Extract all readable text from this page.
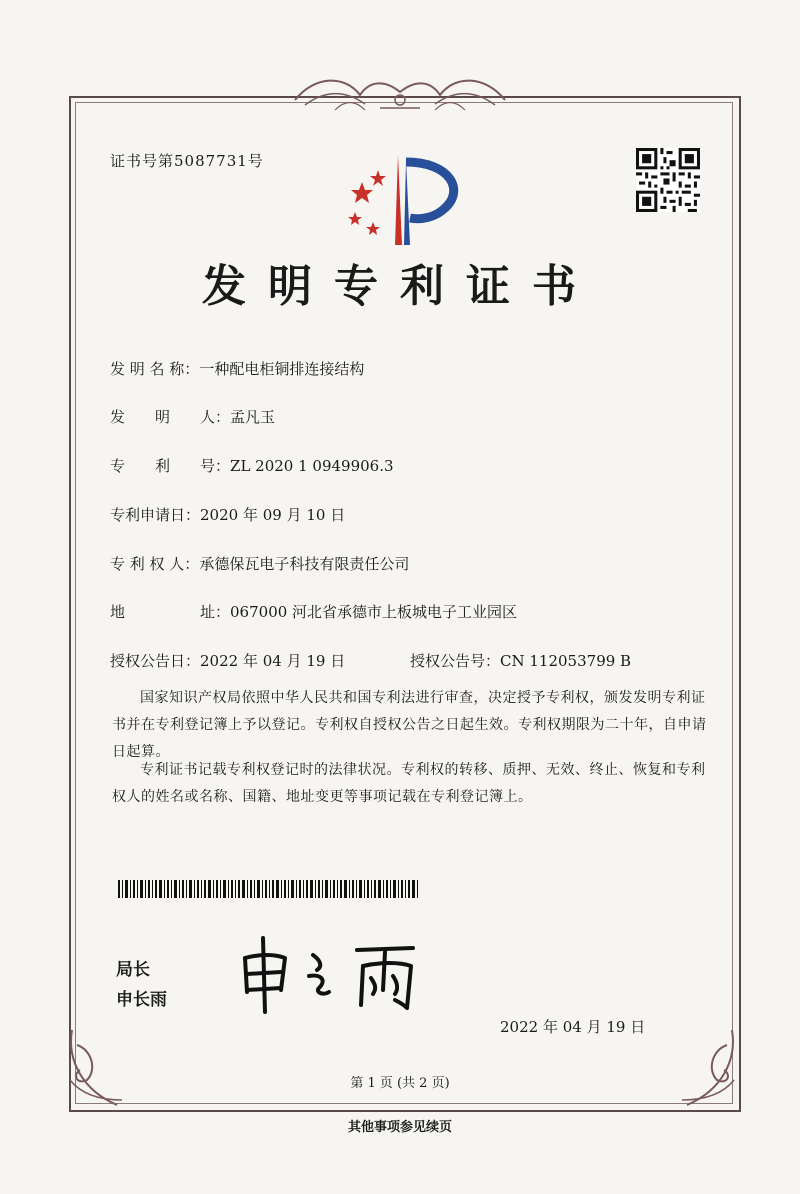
证书号第5087731号
发明专利证书
发 明 名 称：一种配电柜铜排连接结构
发　　明　　人：孟凡玉
专　　利　　号：ZL 2020 1 0949906.3
专利申请日：2020 年 09 月 10 日
专 利 权 人：承德保瓦电子科技有限责任公司
地　　　　　址：067000 河北省承德市上板城电子工业园区
授权公告日：2022 年 04 月 19 日	授权公告号：CN 112053799 B
国家知识产权局依照中华人民共和国专利法进行审查，决定授予专利权，颁发发明专利证书并在专利登记簿上予以登记。专利权自授权公告之日起生效。专利权期限为二十年，自申请日起算。
专利证书记载专利权登记时的法律状况。专利权的转移、质押、无效、终止、恢复和专利权人的姓名或名称、国籍、地址变更等事项记载在专利登记簿上。
局长
申长雨
2022 年 04 月 19 日
第 1 页 (共 2 页)
其他事项参见续页
